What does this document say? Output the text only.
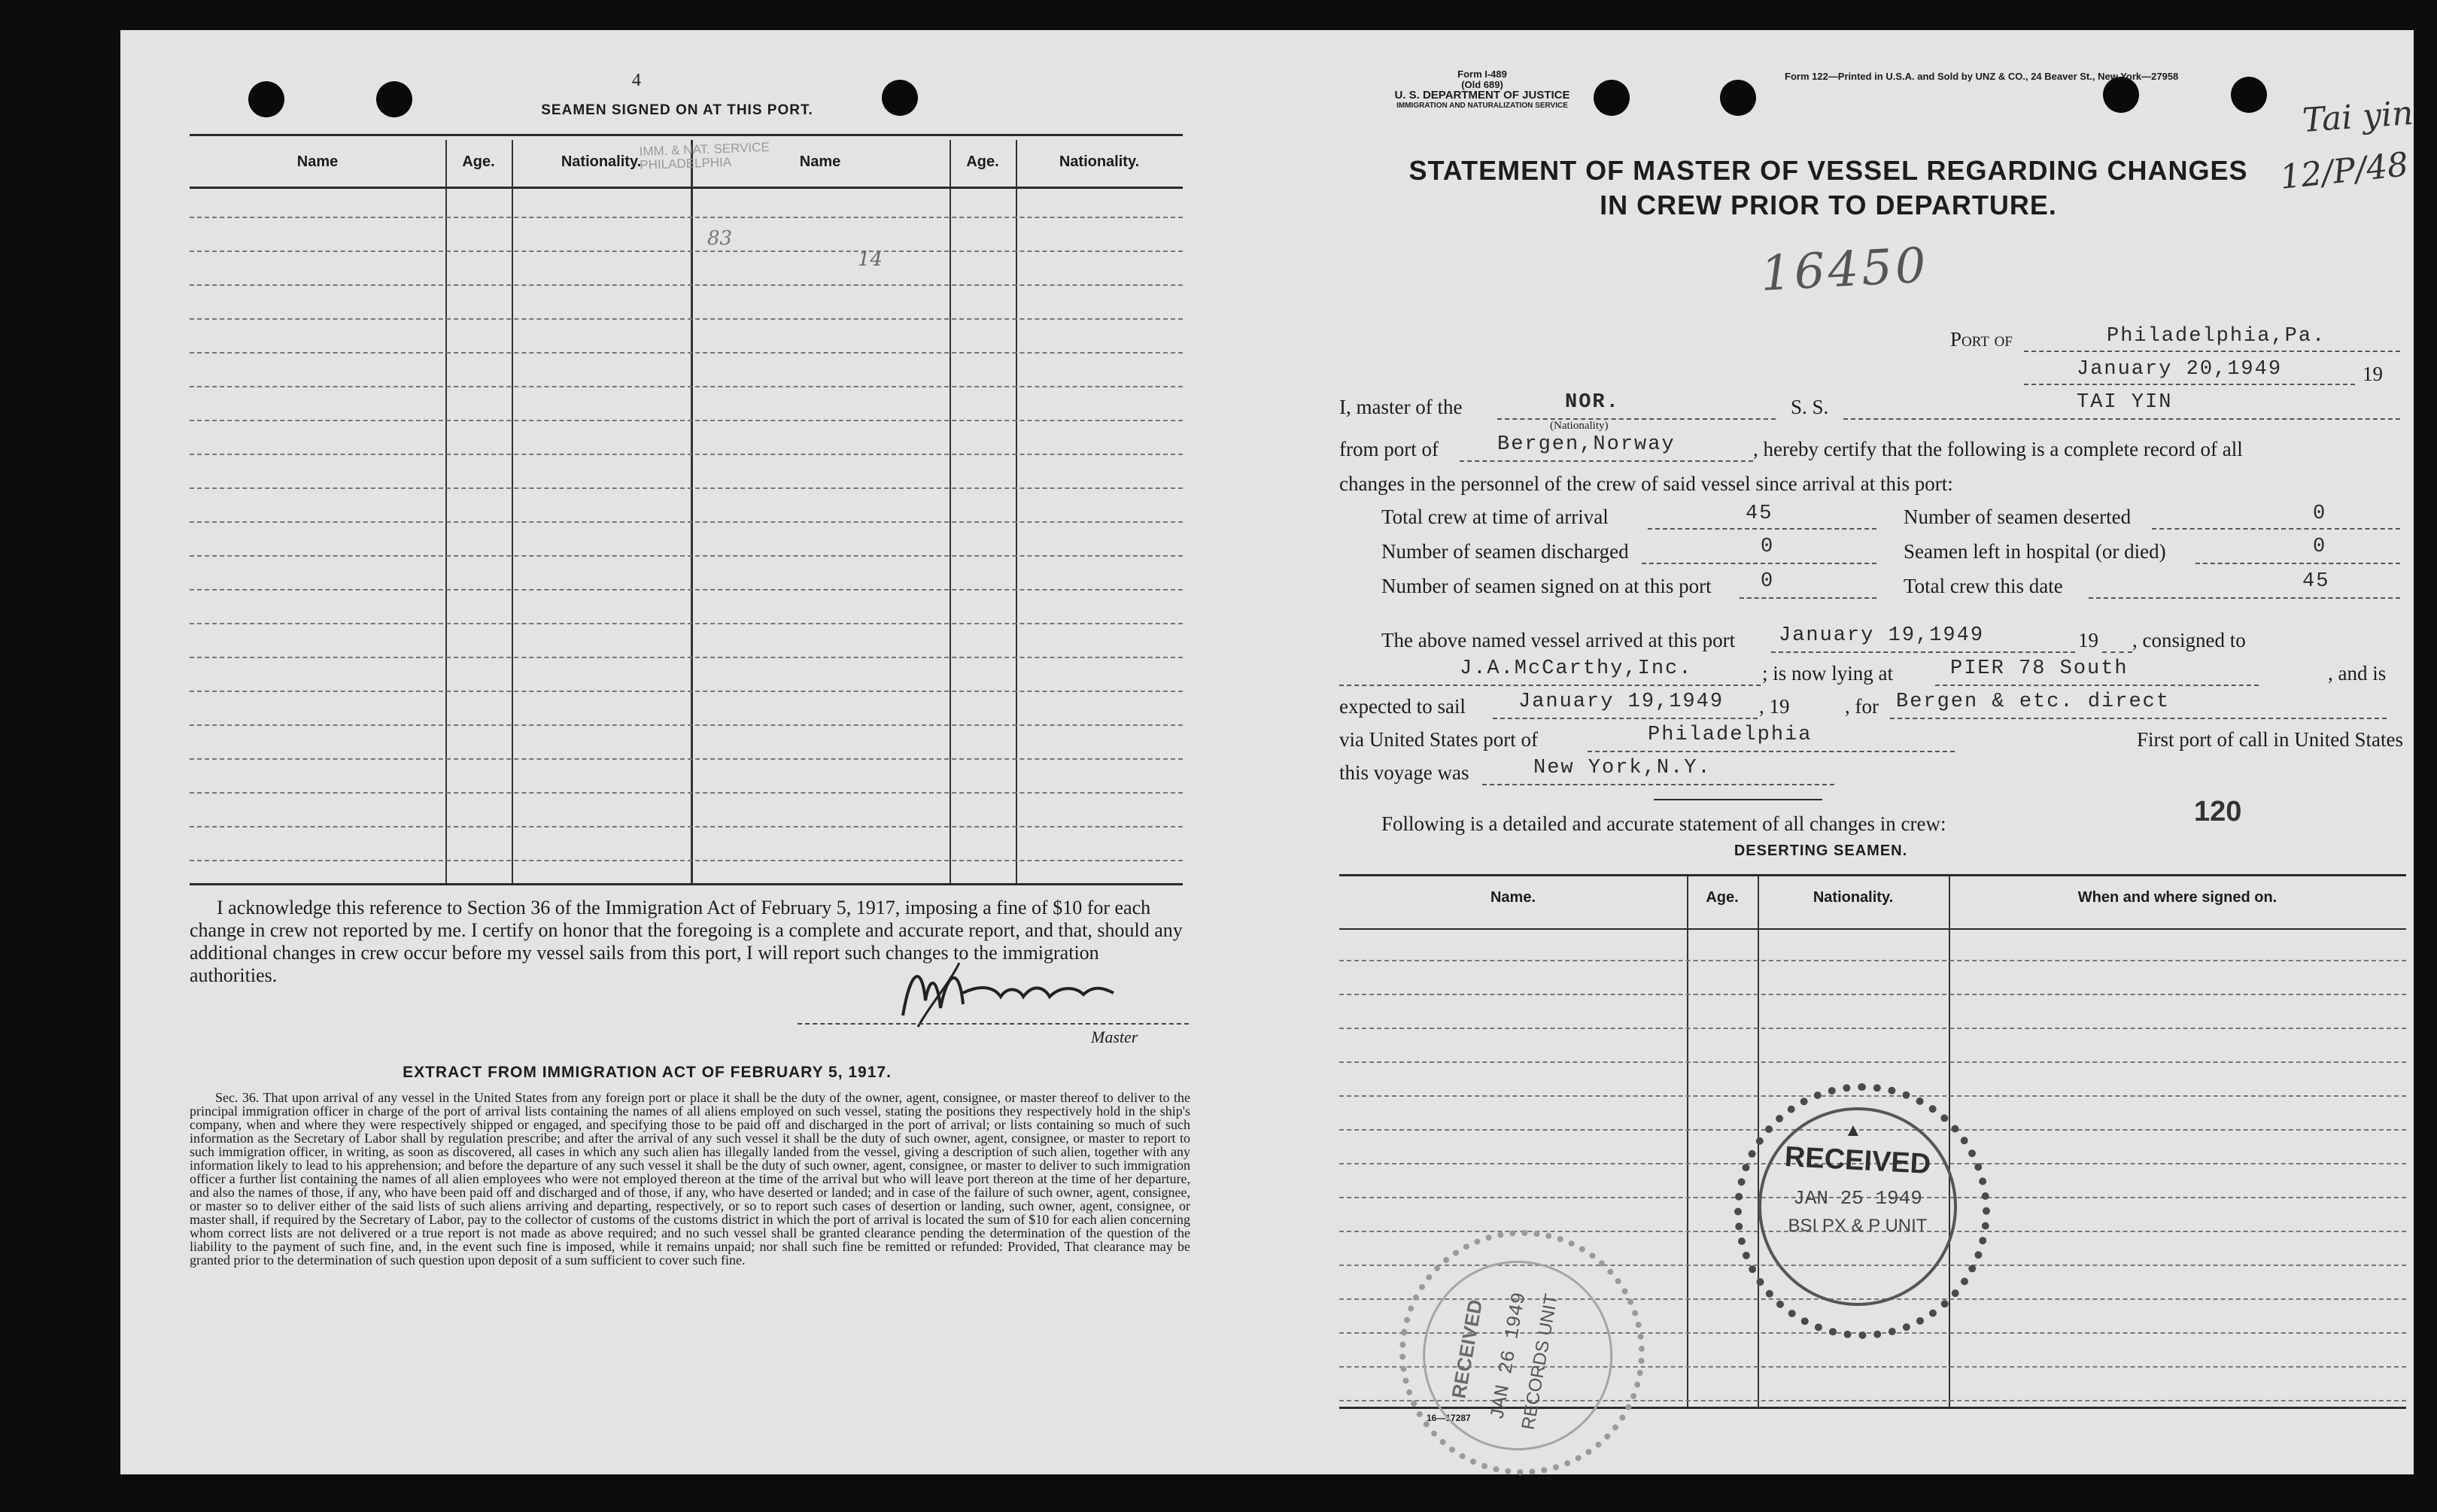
4
SEAMEN SIGNED ON AT THIS PORT.
Name	Age.	Nationality.	Name	Age.	Nationality.
IMM. & NAT. SERVICE
PHILADELPHIA
83
14
I acknowledge this reference to Section 36 of the Immigration Act of February 5, 1917, imposing a fine of $10 for each change in crew not reported by me. I certify on honor that the foregoing is a complete and accurate report, and that, should any additional changes in crew occur before my vessel sails from this port, I will report such changes to the immigration authorities.
Master
EXTRACT FROM IMMIGRATION ACT OF FEBRUARY 5, 1917.
Sec. 36. That upon arrival of any vessel in the United States from any foreign port or place it shall be the duty of the owner, agent, consignee, or master thereof to deliver to the principal immigration officer in charge of the port of arrival lists containing the names of all aliens employed on such vessel, stating the positions they respectively hold in the ship's company, when and where they were respectively shipped or engaged, and specifying those to be paid off and discharged in the port of arrival; or lists containing so much of such information as the Secretary of Labor shall by regulation prescribe; and after the arrival of any such vessel it shall be the duty of such owner, agent, consignee, or master to report to such immigration officer, in writing, as soon as discovered, all cases in which any such alien has illegally landed from the vessel, giving a description of such alien, together with any information likely to lead to his apprehension; and before the departure of any such vessel it shall be the duty of such owner, agent, consignee, or master to deliver to such immigration officer a further list containing the names of all alien employees who were not employed thereon at the time of the arrival but who will leave port thereon at the time of her departure, and also the names of those, if any, who have been paid off and discharged and of those, if any, who have deserted or landed; and in case of the failure of such owner, agent, consignee, or master so to deliver either of the said lists of such aliens arriving and departing, respectively, or so to report such cases of desertion or landing, such owner, agent, consignee, or master shall, if required by the Secretary of Labor, pay to the collector of customs of the customs district in which the port of arrival is located the sum of $10 for each alien concerning whom correct lists are not delivered or a true report is not made as above required; and no such vessel shall be granted clearance pending the determination of the question of the liability to the payment of such fine, and, in the event such fine is imposed, while it remains unpaid; nor shall such fine be remitted or refunded: Provided, That clearance may be granted prior to the determination of such question upon deposit of a sum sufficient to cover such fine.
Form I-489
(Old 689)
U. S. DEPARTMENT OF JUSTICE
IMMIGRATION AND NATURALIZATION SERVICE
Form 122—Printed in U.S.A. and Sold by UNZ & CO., 24 Beaver St., New York—27958
Tai yin
12/P/48
STATEMENT OF MASTER OF VESSEL REGARDING CHANGES
IN CREW PRIOR TO DEPARTURE.
16450
Port of	Philadelphia,Pa.
January 20,1949	19
I, master of the	NOR.
(Nationality)
S. S.	TAI YIN
from port of	Bergen,Norway	, hereby certify that the following is a complete record of all
changes in the personnel of the crew of said vessel since arrival at this port:
Total crew at time of arrival	45	Number of seamen deserted	0
Number of seamen discharged	0	Seamen left in hospital (or died)	0
Number of seamen signed on at this port 0	Total crew this date	45
The above named vessel arrived at this port January 19,1949	19 , consigned to
J.A.McCarthy,Inc.	; is now lying at	PIER 78 South	, and is
expected to sail	January 19,1949 , 19	, for Bergen & etc. direct
via United States port of	Philadelphia	First port of call in United States
this voyage was	New York,N.Y.
Following is a detailed and accurate statement of all changes in crew:	120
DESERTING SEAMEN.
Name.	Age.	Nationality.	When and where signed on.
16—17287
▲
RECEIVED
JAN 25 1949
BSI PX & P UNIT
RECEIVED JAN 26 1949
RECORDS UNIT
